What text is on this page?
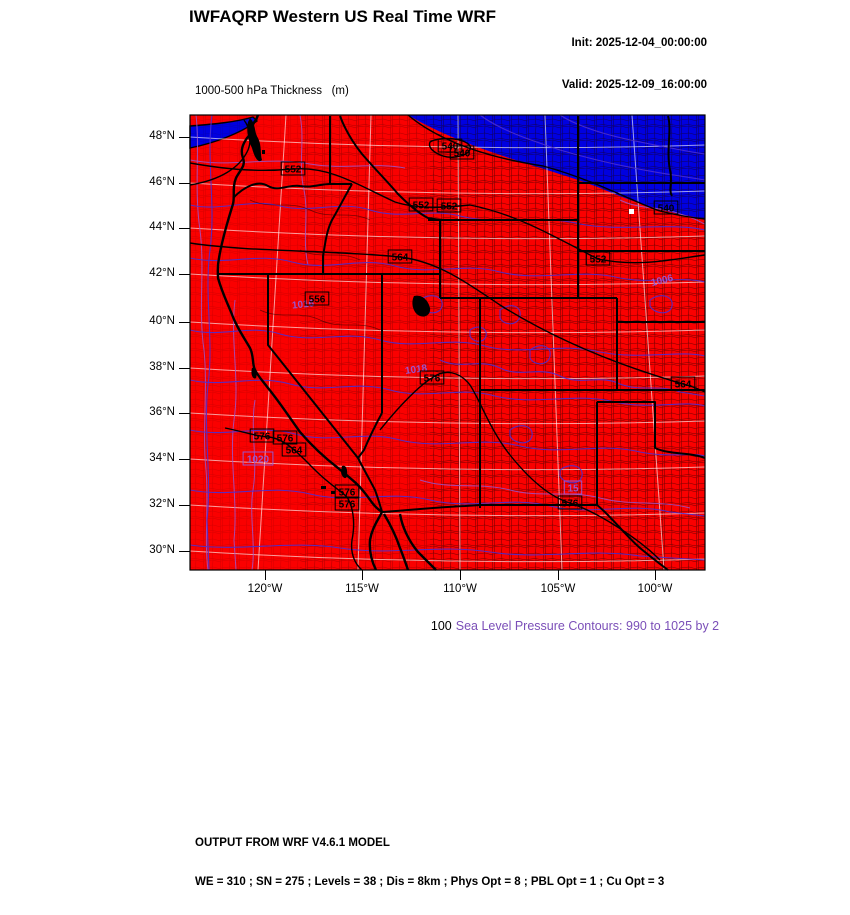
IWFAQRP Western US Real Time WRF

Init: 2025-12-04_00:00:00

Valid: 2025-12-09_16:00:00

1000-500 hPa Thickness   (m)

552
540
540
552 552	540
552
564
1016
556
564
1018
576
576 576
564
1020
576
576
15
576
1006
48°N
46°N
44°N
42°N
40°N
38°N
36°N
34°N
32°N
30°N
120°W	115°W	110°W	105°W	100°W

100 Sea Level Pressure Contours: 990 to 1025 by 2

OUTPUT FROM WRF V4.6.1 MODEL

WE = 310 ; SN = 275 ; Levels = 38 ; Dis = 8km ; Phys Opt = 8 ; PBL Opt = 1 ; Cu Opt = 3
